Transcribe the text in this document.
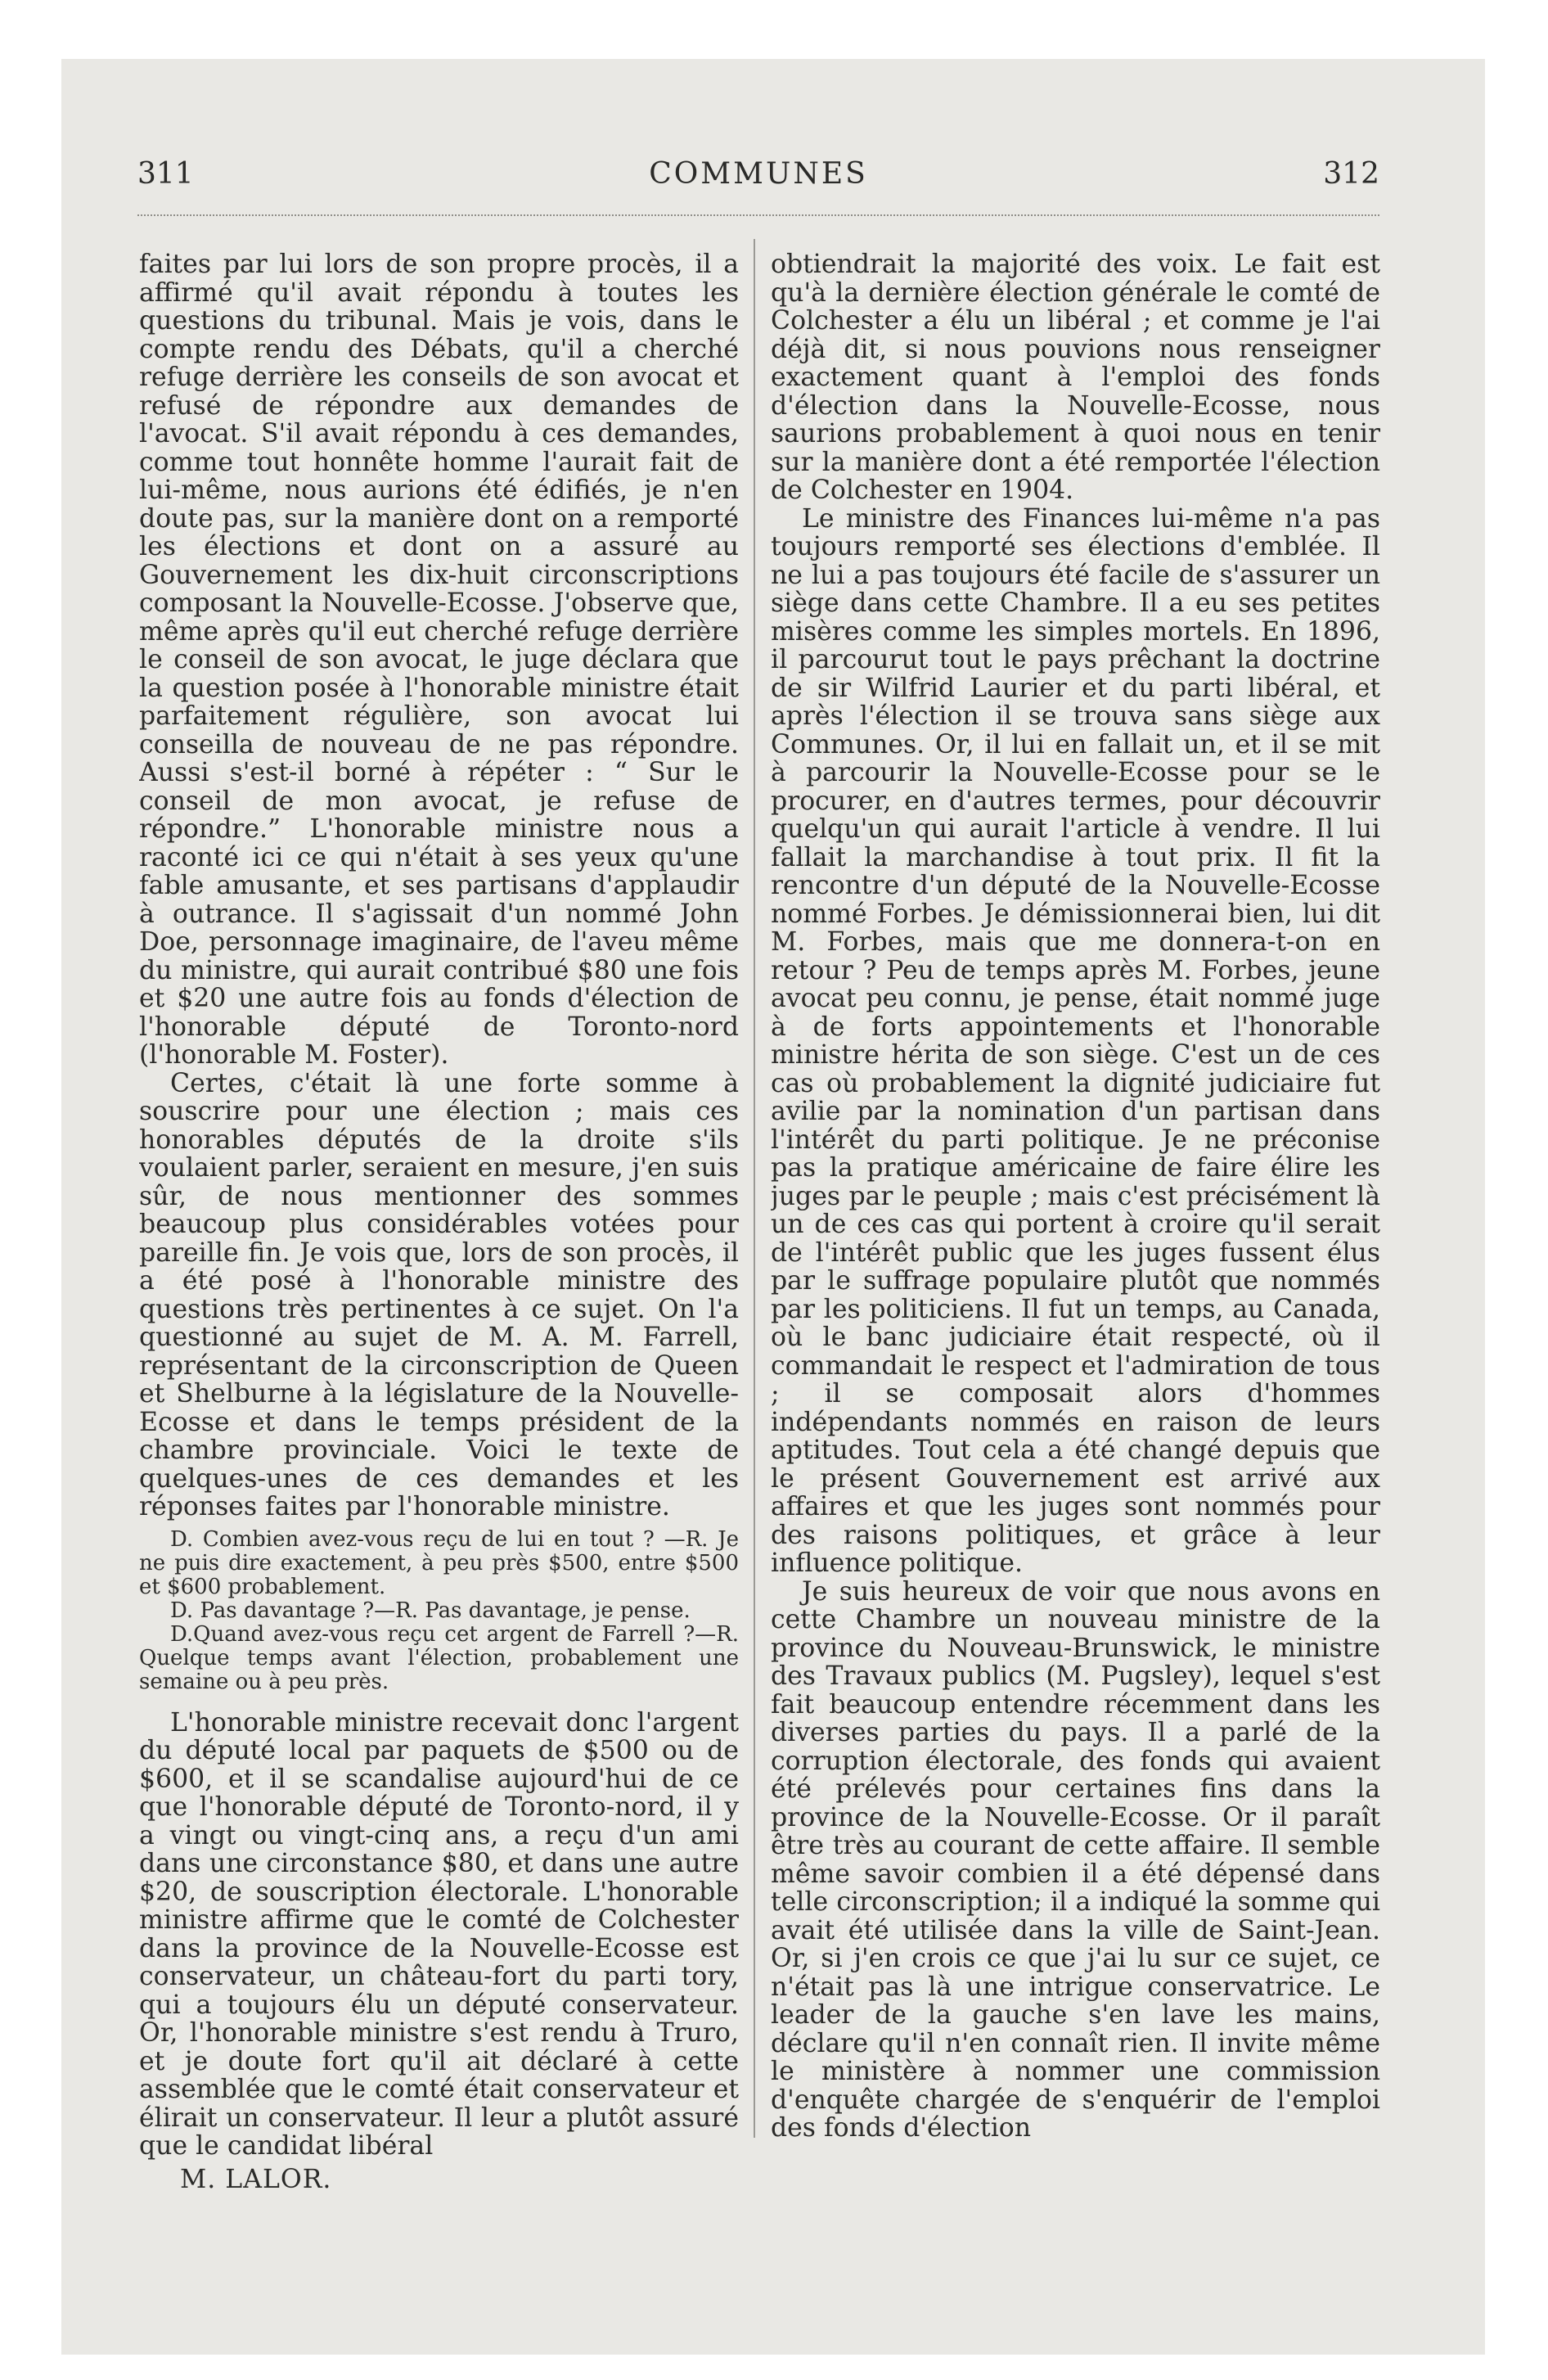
311	COMMUNES	312

faites par lui lors de son propre procès, il a affirmé qu'il avait répondu à toutes les questions du tribunal. Mais je vois, dans le compte rendu des Débats, qu'il a cherché refuge derrière les conseils de son avocat et refusé de répondre aux demandes de l'avocat. S'il avait répondu à ces demandes, comme tout honnête homme l'aurait fait de lui-même, nous aurions été édifiés, je n'en doute pas, sur la manière dont on a remporté les élections et dont on a assuré au Gouvernement les dix-huit circonscriptions composant la Nouvelle-Ecosse. J'observe que, même après qu'il eut cherché refuge derrière le conseil de son avocat, le juge déclara que la question posée à l'honorable ministre était parfaitement régulière, son avocat lui conseilla de nouveau de ne pas répondre. Aussi s'est-il borné à répéter : “ Sur le conseil de mon avocat, je refuse de répondre.” L'honorable ministre nous a raconté ici ce qui n'était à ses yeux qu'une fable amusante, et ses partisans d'applaudir à outrance. Il s'agissait d'un nommé John Doe, personnage imaginaire, de l'aveu même du ministre, qui aurait contribué $80 une fois et $20 une autre fois au fonds d'élection de l'honorable député de Toronto-nord (l'honorable M. Foster).

Certes, c'était là une forte somme à souscrire pour une élection ; mais ces honorables députés de la droite s'ils voulaient parler, seraient en mesure, j'en suis sûr, de nous mentionner des sommes beaucoup plus considérables votées pour pareille fin. Je vois que, lors de son procès, il a été posé à l'honorable ministre des questions très pertinentes à ce sujet. On l'a questionné au sujet de M. A. M. Farrell, représentant de la circonscription de Queen et Shelburne à la législature de la Nouvelle-Ecosse et dans le temps président de la chambre provinciale. Voici le texte de quelques-unes de ces demandes et les réponses faites par l'honorable ministre.

D. Combien avez-vous reçu de lui en tout ? —R. Je ne puis dire exactement, à peu près $500, entre $500 et $600 probablement.

D. Pas davantage ?—R. Pas davantage, je pense.

D.Quand avez-vous reçu cet argent de Farrell ?—R. Quelque temps avant l'élection, probablement une semaine ou à peu près.

L'honorable ministre recevait donc l'argent du député local par paquets de $500 ou de $600, et il se scandalise aujourd'hui de ce que l'honorable député de Toronto-nord, il y a vingt ou vingt-cinq ans, a reçu d'un ami dans une circonstance $80, et dans une autre $20, de souscription électorale. L'honorable ministre affirme que le comté de Colchester dans la province de la Nouvelle-Ecosse est conservateur, un château-fort du parti tory, qui a toujours élu un député conservateur. Or, l'honorable ministre s'est rendu à Truro, et je doute fort qu'il ait déclaré à cette assemblée que le comté était conservateur et élirait un conservateur. Il leur a plutôt assuré que le candidat libéral

M. LALOR.

obtiendrait la majorité des voix. Le fait est qu'à la dernière élection générale le comté de Colchester a élu un libéral ; et comme je l'ai déjà dit, si nous pouvions nous renseigner exactement quant à l'emploi des fonds d'élection dans la Nouvelle-Ecosse, nous saurions probablement à quoi nous en tenir sur la manière dont a été remportée l'élection de Colchester en 1904.

Le ministre des Finances lui-même n'a pas toujours remporté ses élections d'emblée. Il ne lui a pas toujours été facile de s'assurer un siège dans cette Chambre. Il a eu ses petites misères comme les simples mortels. En 1896, il parcourut tout le pays prêchant la doctrine de sir Wilfrid Laurier et du parti libéral, et après l'élection il se trouva sans siège aux Communes. Or, il lui en fallait un, et il se mit à parcourir la Nouvelle-Ecosse pour se le procurer, en d'autres termes, pour découvrir quelqu'un qui aurait l'article à vendre. Il lui fallait la marchandise à tout prix. Il fit la rencontre d'un député de la Nouvelle-Ecosse nommé Forbes. Je démissionnerai bien, lui dit M. Forbes, mais que me donnera-t-on en retour ? Peu de temps après M. Forbes, jeune avocat peu connu, je pense, était nommé juge à de forts appointements et l'honorable ministre hérita de son siège. C'est un de ces cas où probablement la dignité judiciaire fut avilie par la nomination d'un partisan dans l'intérêt du parti politique. Je ne préconise pas la pratique américaine de faire élire les juges par le peuple ; mais c'est précisément là un de ces cas qui portent à croire qu'il serait de l'intérêt public que les juges fussent élus par le suffrage populaire plutôt que nommés par les politiciens. Il fut un temps, au Canada, où le banc judiciaire était respecté, où il commandait le respect et l'admiration de tous ; il se composait alors d'hommes indépendants nommés en raison de leurs aptitudes. Tout cela a été changé depuis que le présent Gouvernement est arrivé aux affaires et que les juges sont nommés pour des raisons politiques, et grâce à leur influence politique.

Je suis heureux de voir que nous avons en cette Chambre un nouveau ministre de la province du Nouveau-Brunswick, le ministre des Travaux publics (M. Pugsley), lequel s'est fait beaucoup entendre récemment dans les diverses parties du pays. Il a parlé de la corruption électorale, des fonds qui avaient été prélevés pour certaines fins dans la province de la Nouvelle-Ecosse. Or il paraît être très au courant de cette affaire. Il semble même savoir combien il a été dépensé dans telle circonscription; il a indiqué la somme qui avait été utilisée dans la ville de Saint-Jean. Or, si j'en crois ce que j'ai lu sur ce sujet, ce n'était pas là une intrigue conservatrice. Le leader de la gauche s'en lave les mains, déclare qu'il n'en connaît rien. Il invite même le ministère à nommer une commission d'enquête chargée de s'enquérir de l'emploi des fonds d'élection
